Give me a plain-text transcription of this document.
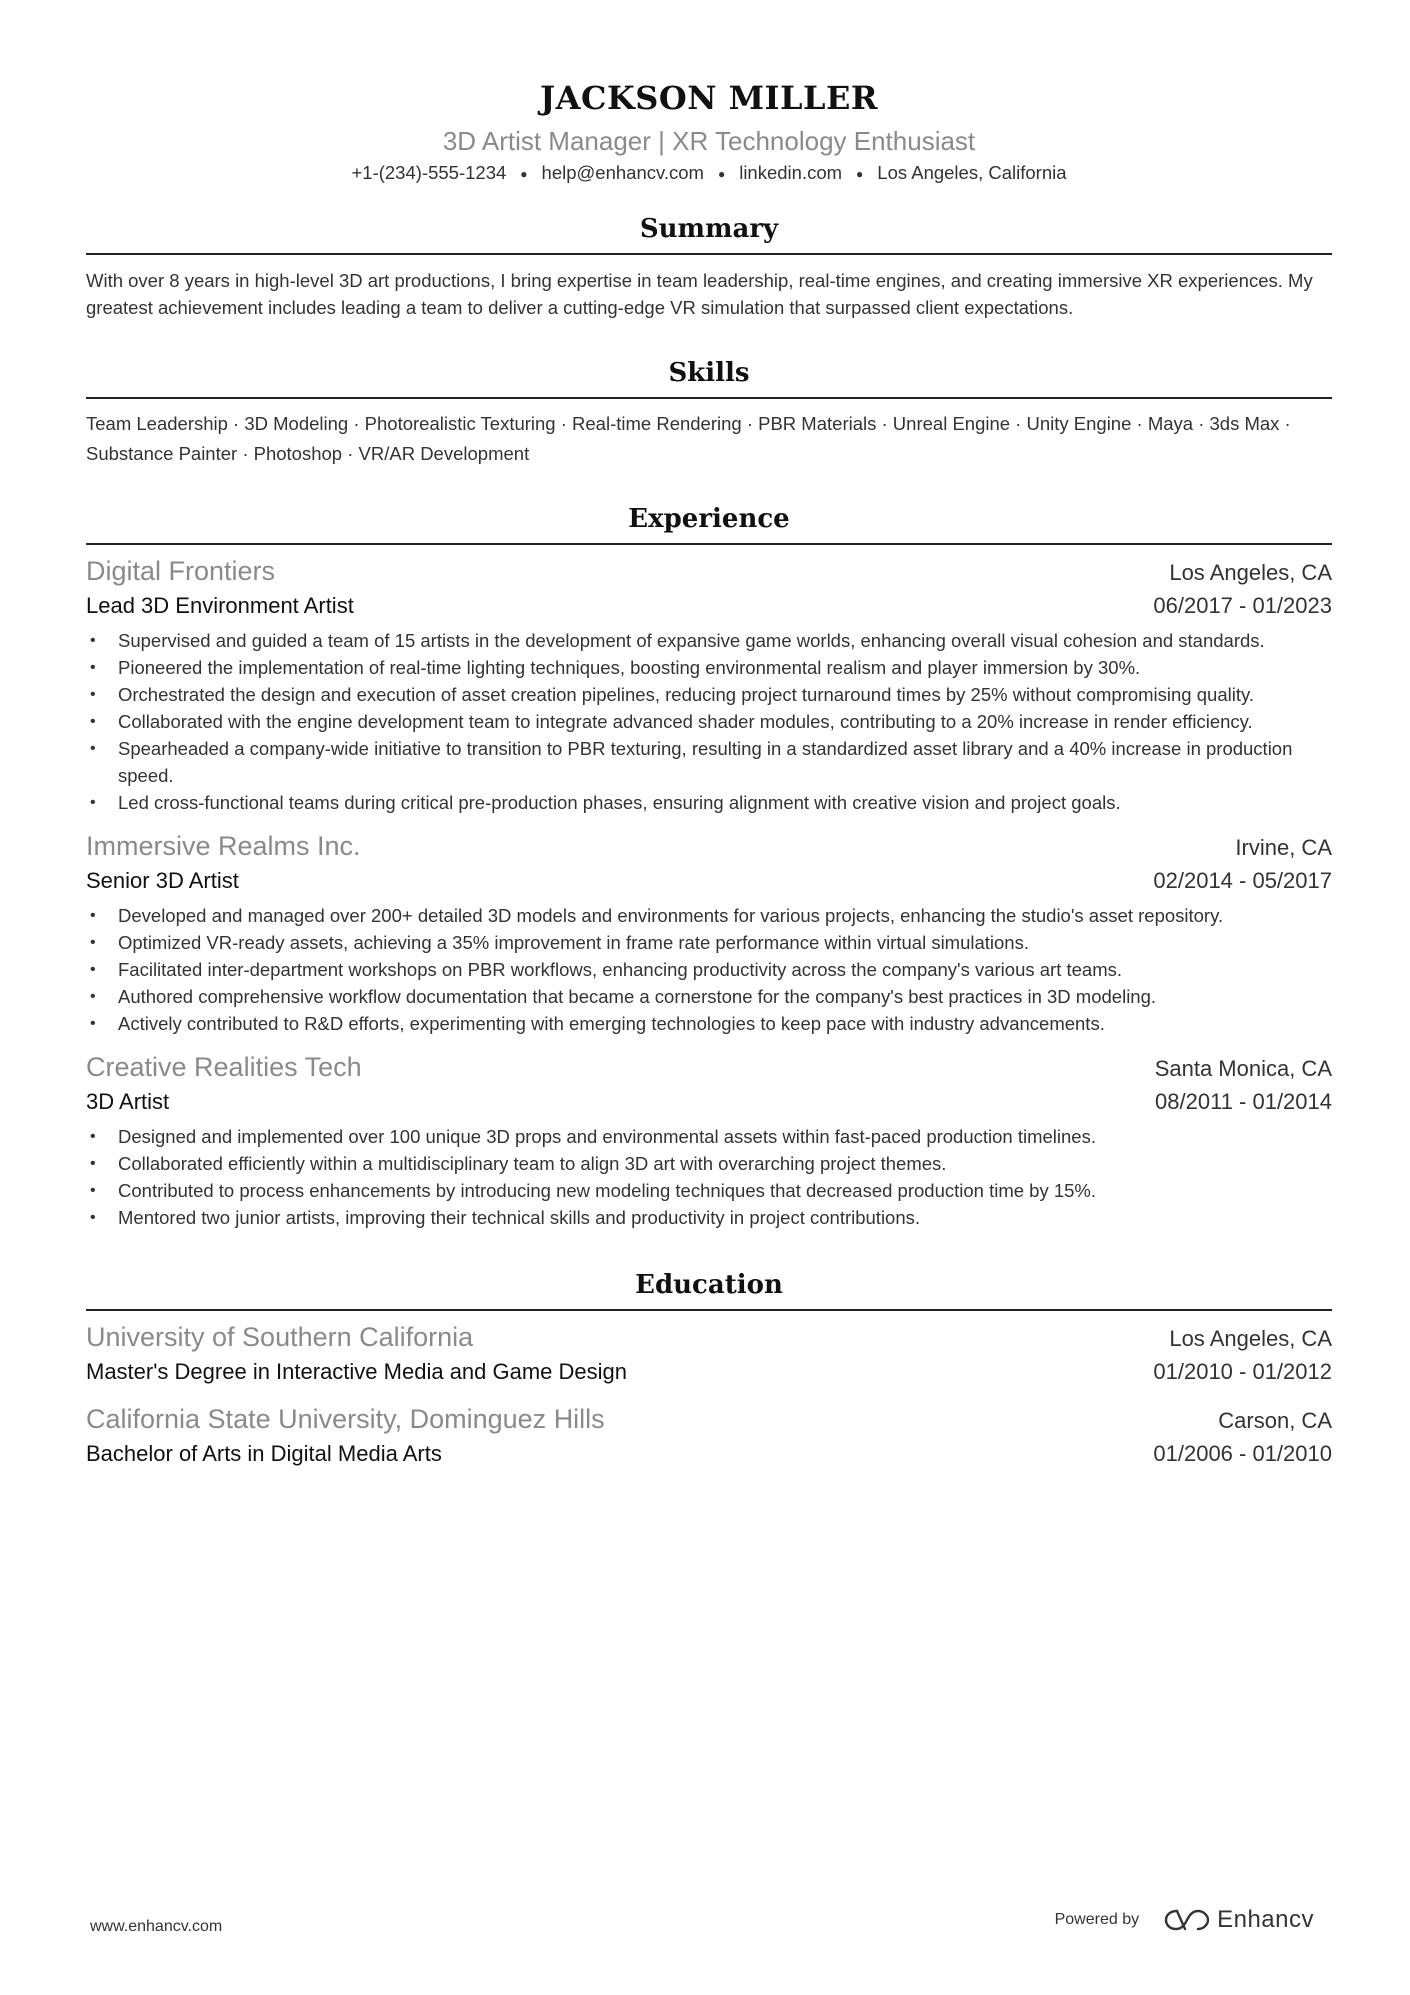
JACKSON MILLER
3D Artist Manager | XR Technology Enthusiast
+1-(234)-555-1234 ● help@enhancv.com ● linkedin.com ● Los Angeles, California
Summary
With over 8 years in high-level 3D art productions, I bring expertise in team leadership, real-time engines, and creating immersive XR experiences. My greatest achievement includes leading a team to deliver a cutting-edge VR simulation that surpassed client expectations.
Skills
Team Leadership · 3D Modeling · Photorealistic Texturing · Real-time Rendering · PBR Materials · Unreal Engine · Unity Engine · Maya · 3ds Max · Substance Painter · Photoshop · VR/AR Development
Experience
Digital Frontiers	Los Angeles, CA
Lead 3D Environment Artist	06/2017 - 01/2023
• Supervised and guided a team of 15 artists in the development of expansive game worlds, enhancing overall visual cohesion and standards.
• Pioneered the implementation of real-time lighting techniques, boosting environmental realism and player immersion by 30%.
• Orchestrated the design and execution of asset creation pipelines, reducing project turnaround times by 25% without compromising quality.
• Collaborated with the engine development team to integrate advanced shader modules, contributing to a 20% increase in render efficiency.
• Spearheaded a company-wide initiative to transition to PBR texturing, resulting in a standardized asset library and a 40% increase in production speed.
• Led cross-functional teams during critical pre-production phases, ensuring alignment with creative vision and project goals.
Immersive Realms Inc.	Irvine, CA
Senior 3D Artist	02/2014 - 05/2017
• Developed and managed over 200+ detailed 3D models and environments for various projects, enhancing the studio's asset repository.
• Optimized VR-ready assets, achieving a 35% improvement in frame rate performance within virtual simulations.
• Facilitated inter-department workshops on PBR workflows, enhancing productivity across the company's various art teams.
• Authored comprehensive workflow documentation that became a cornerstone for the company's best practices in 3D modeling.
• Actively contributed to R&D efforts, experimenting with emerging technologies to keep pace with industry advancements.
Creative Realities Tech	Santa Monica, CA
3D Artist	08/2011 - 01/2014
• Designed and implemented over 100 unique 3D props and environmental assets within fast-paced production timelines.
• Collaborated efficiently within a multidisciplinary team to align 3D art with overarching project themes.
• Contributed to process enhancements by introducing new modeling techniques that decreased production time by 15%.
• Mentored two junior artists, improving their technical skills and productivity in project contributions.
Education
University of Southern California	Los Angeles, CA
Master's Degree in Interactive Media and Game Design	01/2010 - 01/2012
California State University, Dominguez Hills	Carson, CA
Bachelor of Arts in Digital Media Arts	01/2006 - 01/2010
www.enhancv.com	Powered by	Enhancv
